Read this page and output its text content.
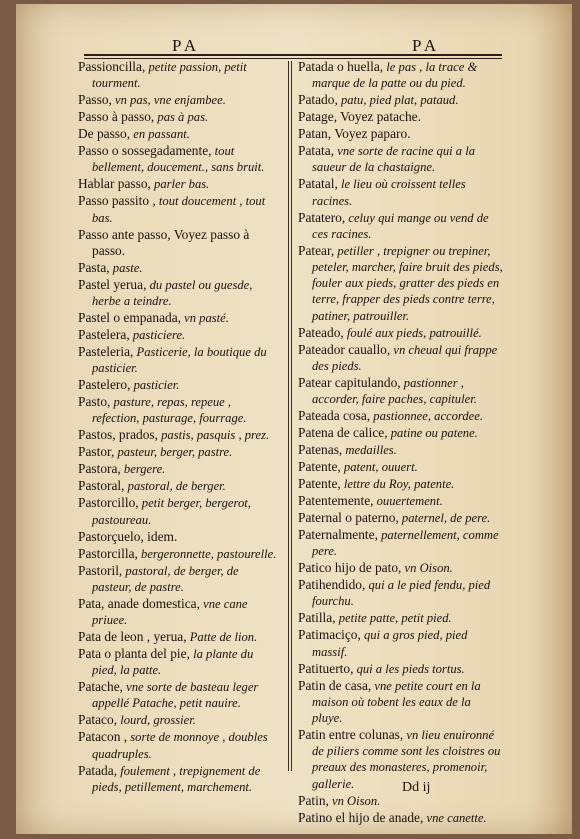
PA	PA
Passioncilla, petite passion, petit tourment.
Passo, vn pas, vne enjambee.
Passo à passo, pas à pas.
De passo, en passant.
Passo o sossegadamente, tout bellement, doucement., sans bruit.
Hablar passo, parler bas.
Passo passito , tout doucement , tout bas.
Passo ante passo, Voyez passo à passo.
Pasta, paste.
Pastel yerua, du pastel ou guesde, herbe a teindre.
Pastel o empanada, vn pasté.
Pastelera, pasticiere.
Pasteleria, Pasticerie, la boutique du pasticier.
Pastelero, pasticier.
Pasto, pasture, repas, repeue , refection, pasturage, fourrage.
Pastos, prados, pastis, pasquis , prez.
Pastor, pasteur, berger, pastre.
Pastora, bergere.
Pastoral, pastoral, de berger.
Pastorcillo, petit berger, bergerot, pastoureau.
Pastorçuelo, idem.
Pastorcilla, bergeronnette, pastourelle.
Pastoril, pastoral, de berger, de pasteur, de pastre.
Pata, anade domestica, vne cane priuee.
Pata de leon , yerua, Patte de lion.
Pata o planta del pie, la plante du pied, la patte.
Patache, vne sorte de basteau leger appellé Patache, petit nauire.
Pataco, lourd, grossier.
Patacon , sorte de monnoye , doubles quadruples.
Patada, foulement , trepignement de pieds, petillement, marchement.
Patada o huella, le pas , la trace & marque de la patte ou du pied.
Patado, patu, pied plat, pataud.
Patage, Voyez patache.
Patan, Voyez paparo.
Patata, vne sorte de racine qui a la saueur de la chastaigne.
Patatal, le lieu où croissent telles racines.
Patatero, celuy qui mange ou vend de ces racines.
Patear, petiller , trepigner ou trepiner, peteler, marcher, faire bruit des pieds, fouler aux pieds, gratter des pieds en terre, frapper des pieds contre terre, patiner, patrouiller.
Pateado, foulé aux pieds, patrouillé.
Pateador cauallo, vn cheual qui frappe des pieds.
Patear capitulando, pastionner , accorder, faire paches, capituler.
Pateada cosa, pastionnee, accordee.
Patena de calice, patine ou patene.
Patenas, medailles.
Patente, patent, ouuert.
Patente, lettre du Roy, patente.
Patentemente, ouuertement.
Paternal o paterno, paternel, de pere.
Paternalmente, paternellement, comme pere.
Patico hijo de pato, vn Oison.
Patihendido, qui a le pied fendu, pied fourchu.
Patilla, petite patte, petit pied.
Patimaciço, qui a gros pied, pied massif.
Patituerto, qui a les pieds tortus.
Patin de casa, vne petite court en la maison où tobent les eaux de la pluye.
Patin entre colunas, vn lieu enuironné de piliers comme sont les cloistres ou preaux des monasteres, promenoir, gallerie.
Patin, vn Oison.
Patino el hijo de anade, vne canette.
Dd ij
